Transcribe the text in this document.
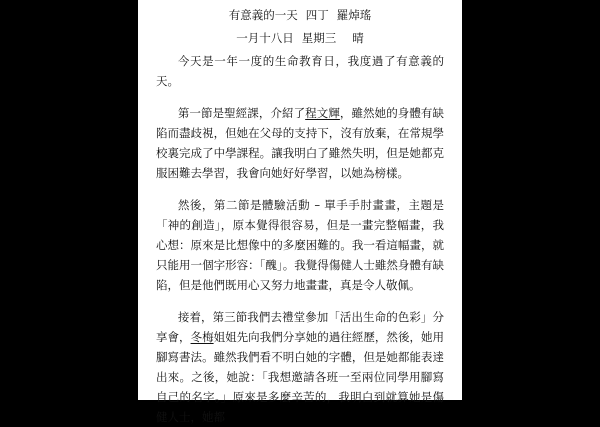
有意義的一天 四丁 羅焯瑤

一月十八日 星期三 晴

今天是一年一度的生命教育日，我度過了有意義的天。

第一節是聖經課，介紹了程文輝，雖然她的身體有缺陷而盡歧視，但她在父母的支持下，沒有放棄，在常規學校裏完成了中學課程。讓我明白了雖然失明，但是她都克服困難去學習，我會向她好好學習，以她為榜樣。

然後，第二節是體驗活動 – 單手手肘畫畫，主題是「神的創造」，原本覺得很容易，但是一畫完整幅畫，我心想：原來是比想像中的多麼困難的。我一看這幅畫，就只能用一個字形容：「醜」。我覺得傷健人士雖然身體有缺陷，但是他們既用心又努力地畫畫，真是令人敬佩。

接着，第三節我們去禮堂參加「活出生命的色彩」分享會，冬梅姐姐先向我們分享她的過往經歷，然後，她用腳寫書法。雖然我們看不明白她的字體，但是她都能表達出來。之後，她說：「我想邀請各班一至兩位同學用腳寫自己的名字。」原來是多麼辛苦的，我明白到就算她是傷健人士，她都
